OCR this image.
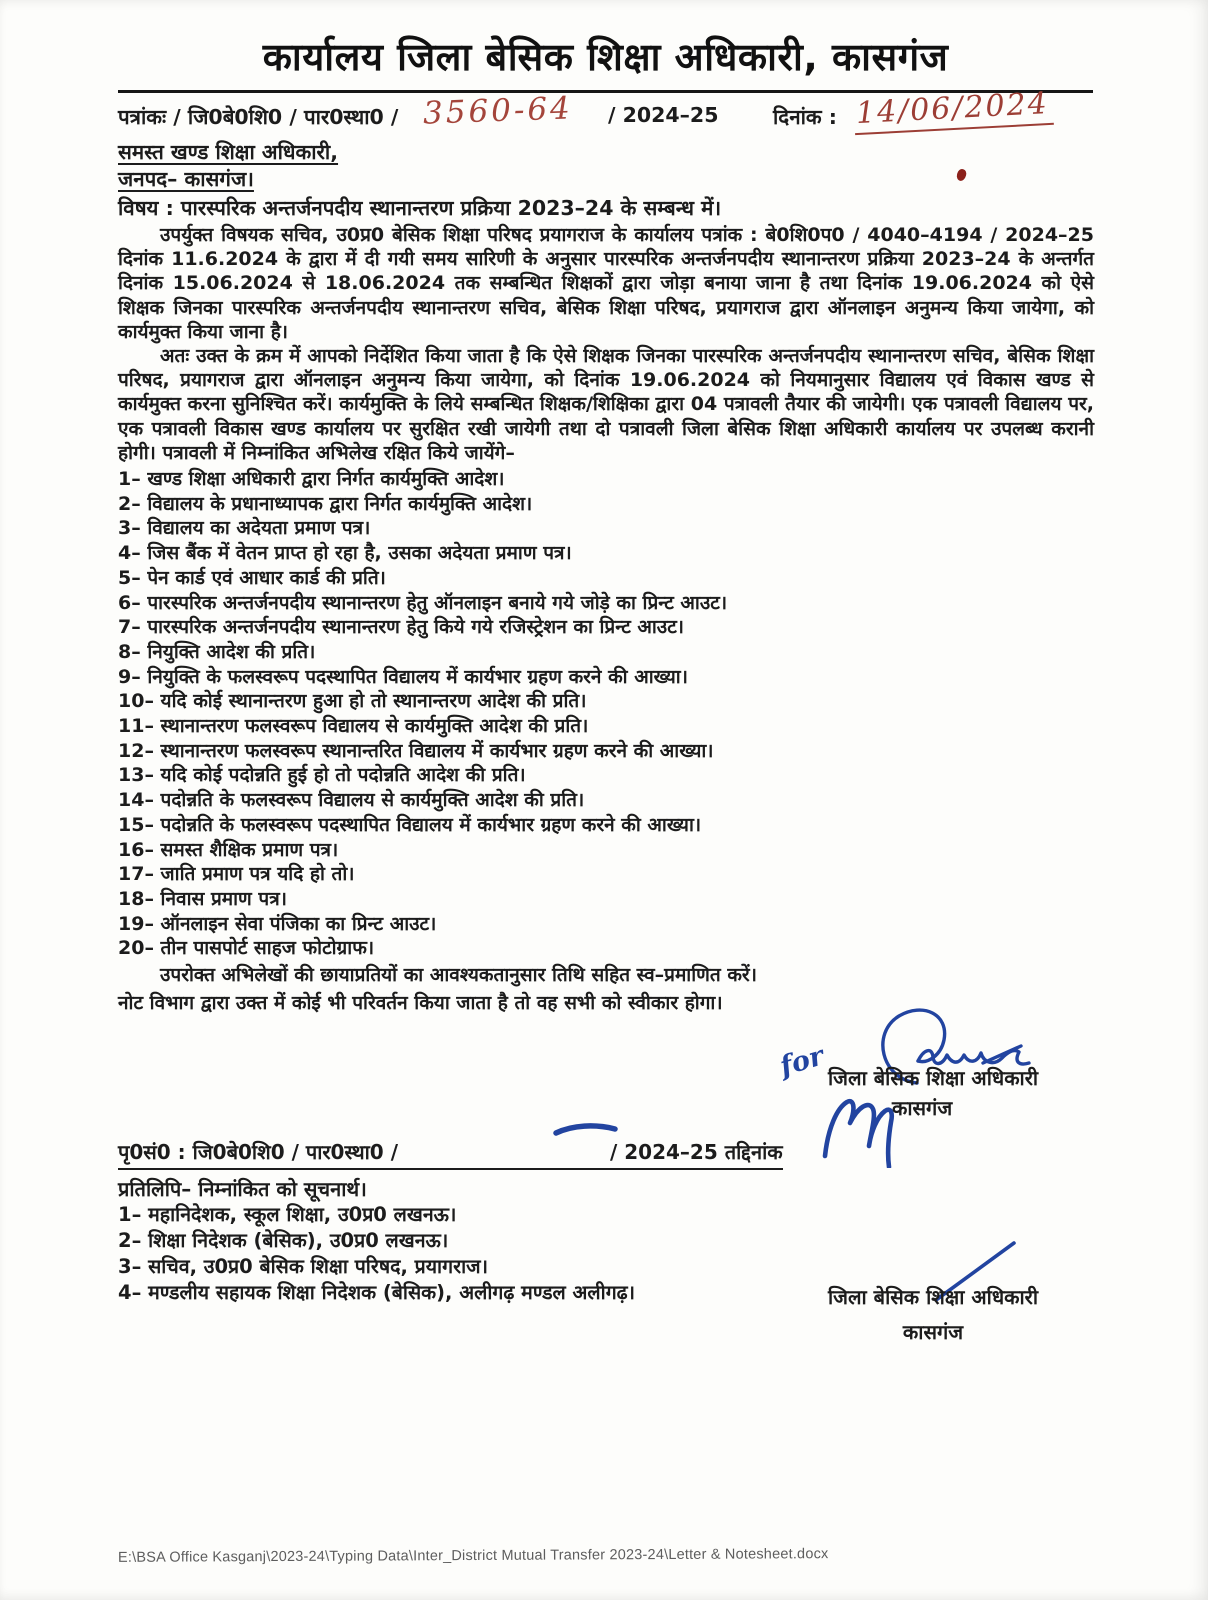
कार्यालय जिला बेसिक शिक्षा अधिकारी, कासगंज
पत्रांकः / जि0बे0शि0 / पार0स्था0 / 3560-64 / 2024–25	दिनांक : 14/06/2024
समस्त खण्ड शिक्षा अधिकारी,
जनपद– कासगंज।
विषय : पारस्परिक अन्तर्जनपदीय स्थानान्तरण प्रक्रिया 2023–24 के सम्बन्ध में।

उपर्युक्त विषयक सचिव, उ0प्र0 बेसिक शिक्षा परिषद प्रयागराज के कार्यालय पत्रांक : बे0शि0प0 / 4040–4194 / 2024–25 दिनांक 11.6.2024 के द्वारा में दी गयी समय सारिणी के अनुसार पारस्परिक अन्तर्जनपदीय स्थानान्तरण प्रक्रिया 2023–24 के अन्तर्गत दिनांक 15.06.2024 से 18.06.2024 तक सम्बन्धित शिक्षकों द्वारा जोड़ा बनाया जाना है तथा दिनांक 19.06.2024 को ऐसे शिक्षक जिनका पारस्परिक अन्तर्जनपदीय स्थानान्तरण सचिव, बेसिक शिक्षा परिषद, प्रयागराज द्वारा ऑनलाइन अनुमन्य किया जायेगा, को कार्यमुक्त किया जाना है।

अतः उक्त के क्रम में आपको निर्देशित किया जाता है कि ऐसे शिक्षक जिनका पारस्परिक अन्तर्जनपदीय स्थानान्तरण सचिव, बेसिक शिक्षा परिषद, प्रयागराज द्वारा ऑनलाइन अनुमन्य किया जायेगा, को दिनांक 19.06.2024 को नियमानुसार विद्यालय एवं विकास खण्ड से कार्यमुक्त करना सुनिश्चित करें। कार्यमुक्ति के लिये सम्बन्धित शिक्षक/शिक्षिका द्वारा 04 पत्रावली तैयार की जायेगी। एक पत्रावली विद्यालय पर, एक पत्रावली विकास खण्ड कार्यालय पर सुरक्षित रखी जायेगी तथा दो पत्रावली जिला बेसिक शिक्षा अधिकारी कार्यालय पर उपलब्ध करानी होगी। पत्रावली में निम्नांकित अभिलेख रक्षित किये जायेंगे–

1– खण्ड शिक्षा अधिकारी द्वारा निर्गत कार्यमुक्ति आदेश।

2– विद्यालय के प्रधानाध्यापक द्वारा निर्गत कार्यमुक्ति आदेश।

3– विद्यालय का अदेयता प्रमाण पत्र।

4– जिस बैंक में वेतन प्राप्त हो रहा है, उसका अदेयता प्रमाण पत्र।

5– पेन कार्ड एवं आधार कार्ड की प्रति।

6– पारस्परिक अन्तर्जनपदीय स्थानान्तरण हेतु ऑनलाइन बनाये गये जोड़े का प्रिन्ट आउट।

7– पारस्परिक अन्तर्जनपदीय स्थानान्तरण हेतु किये गये रजिस्ट्रेशन का प्रिन्ट आउट।

8– नियुक्ति आदेश की प्रति।

9– नियुक्ति के फलस्वरूप पदस्थापित विद्यालय में कार्यभार ग्रहण करने की आख्या।

10– यदि कोई स्थानान्तरण हुआ हो तो स्थानान्तरण आदेश की प्रति।

11– स्थानान्तरण फलस्वरूप विद्यालय से कार्यमुक्ति आदेश की प्रति।

12– स्थानान्तरण फलस्वरूप स्थानान्तरित विद्यालय में कार्यभार ग्रहण करने की आख्या।

13– यदि कोई पदोन्नति हुई हो तो पदोन्नति आदेश की प्रति।

14– पदोन्नति के फलस्वरूप विद्यालय से कार्यमुक्ति आदेश की प्रति।

15– पदोन्नति के फलस्वरूप पदस्थापित विद्यालय में कार्यभार ग्रहण करने की आख्या।

16– समस्त शैक्षिक प्रमाण पत्र।

17– जाति प्रमाण पत्र यदि हो तो।

18– निवास प्रमाण पत्र।

19– ऑनलाइन सेवा पंजिका का प्रिन्ट आउट।

20– तीन पासपोर्ट साहज फोटोग्राफ।

उपरोक्त अभिलेखों की छायाप्रतियों का आवश्यकतानुसार तिथि सहित स्व–प्रमाणित करें।

नोट विभाग द्वारा उक्त में कोई भी परिवर्तन किया जाता है तो वह सभी को स्वीकार होगा।

for जिला बेसिक शिक्षा अधिकारी
कासगंज
पृ0सं0 : जि0बे0शि0 / पार0स्था0 /	/ 2024–25 तद्दिनांक

प्रतिलिपि– निम्नांकित को सूचनार्थ।

1– महानिदेशक, स्कूल शिक्षा, उ0प्र0 लखनऊ।

2– शिक्षा निदेशक (बेसिक), उ0प्र0 लखनऊ।

3– सचिव, उ0प्र0 बेसिक शिक्षा परिषद, प्रयागराज।

4– मण्डलीय सहायक शिक्षा निदेशक (बेसिक), अलीगढ़ मण्डल अलीगढ़।	जिला बेसिक शिक्षा अधिकारी
कासगंज
E:\BSA Office Kasganj\2023-24\Typing Data\Inter_District Mutual Transfer 2023-24\Letter & Notesheet.docx
